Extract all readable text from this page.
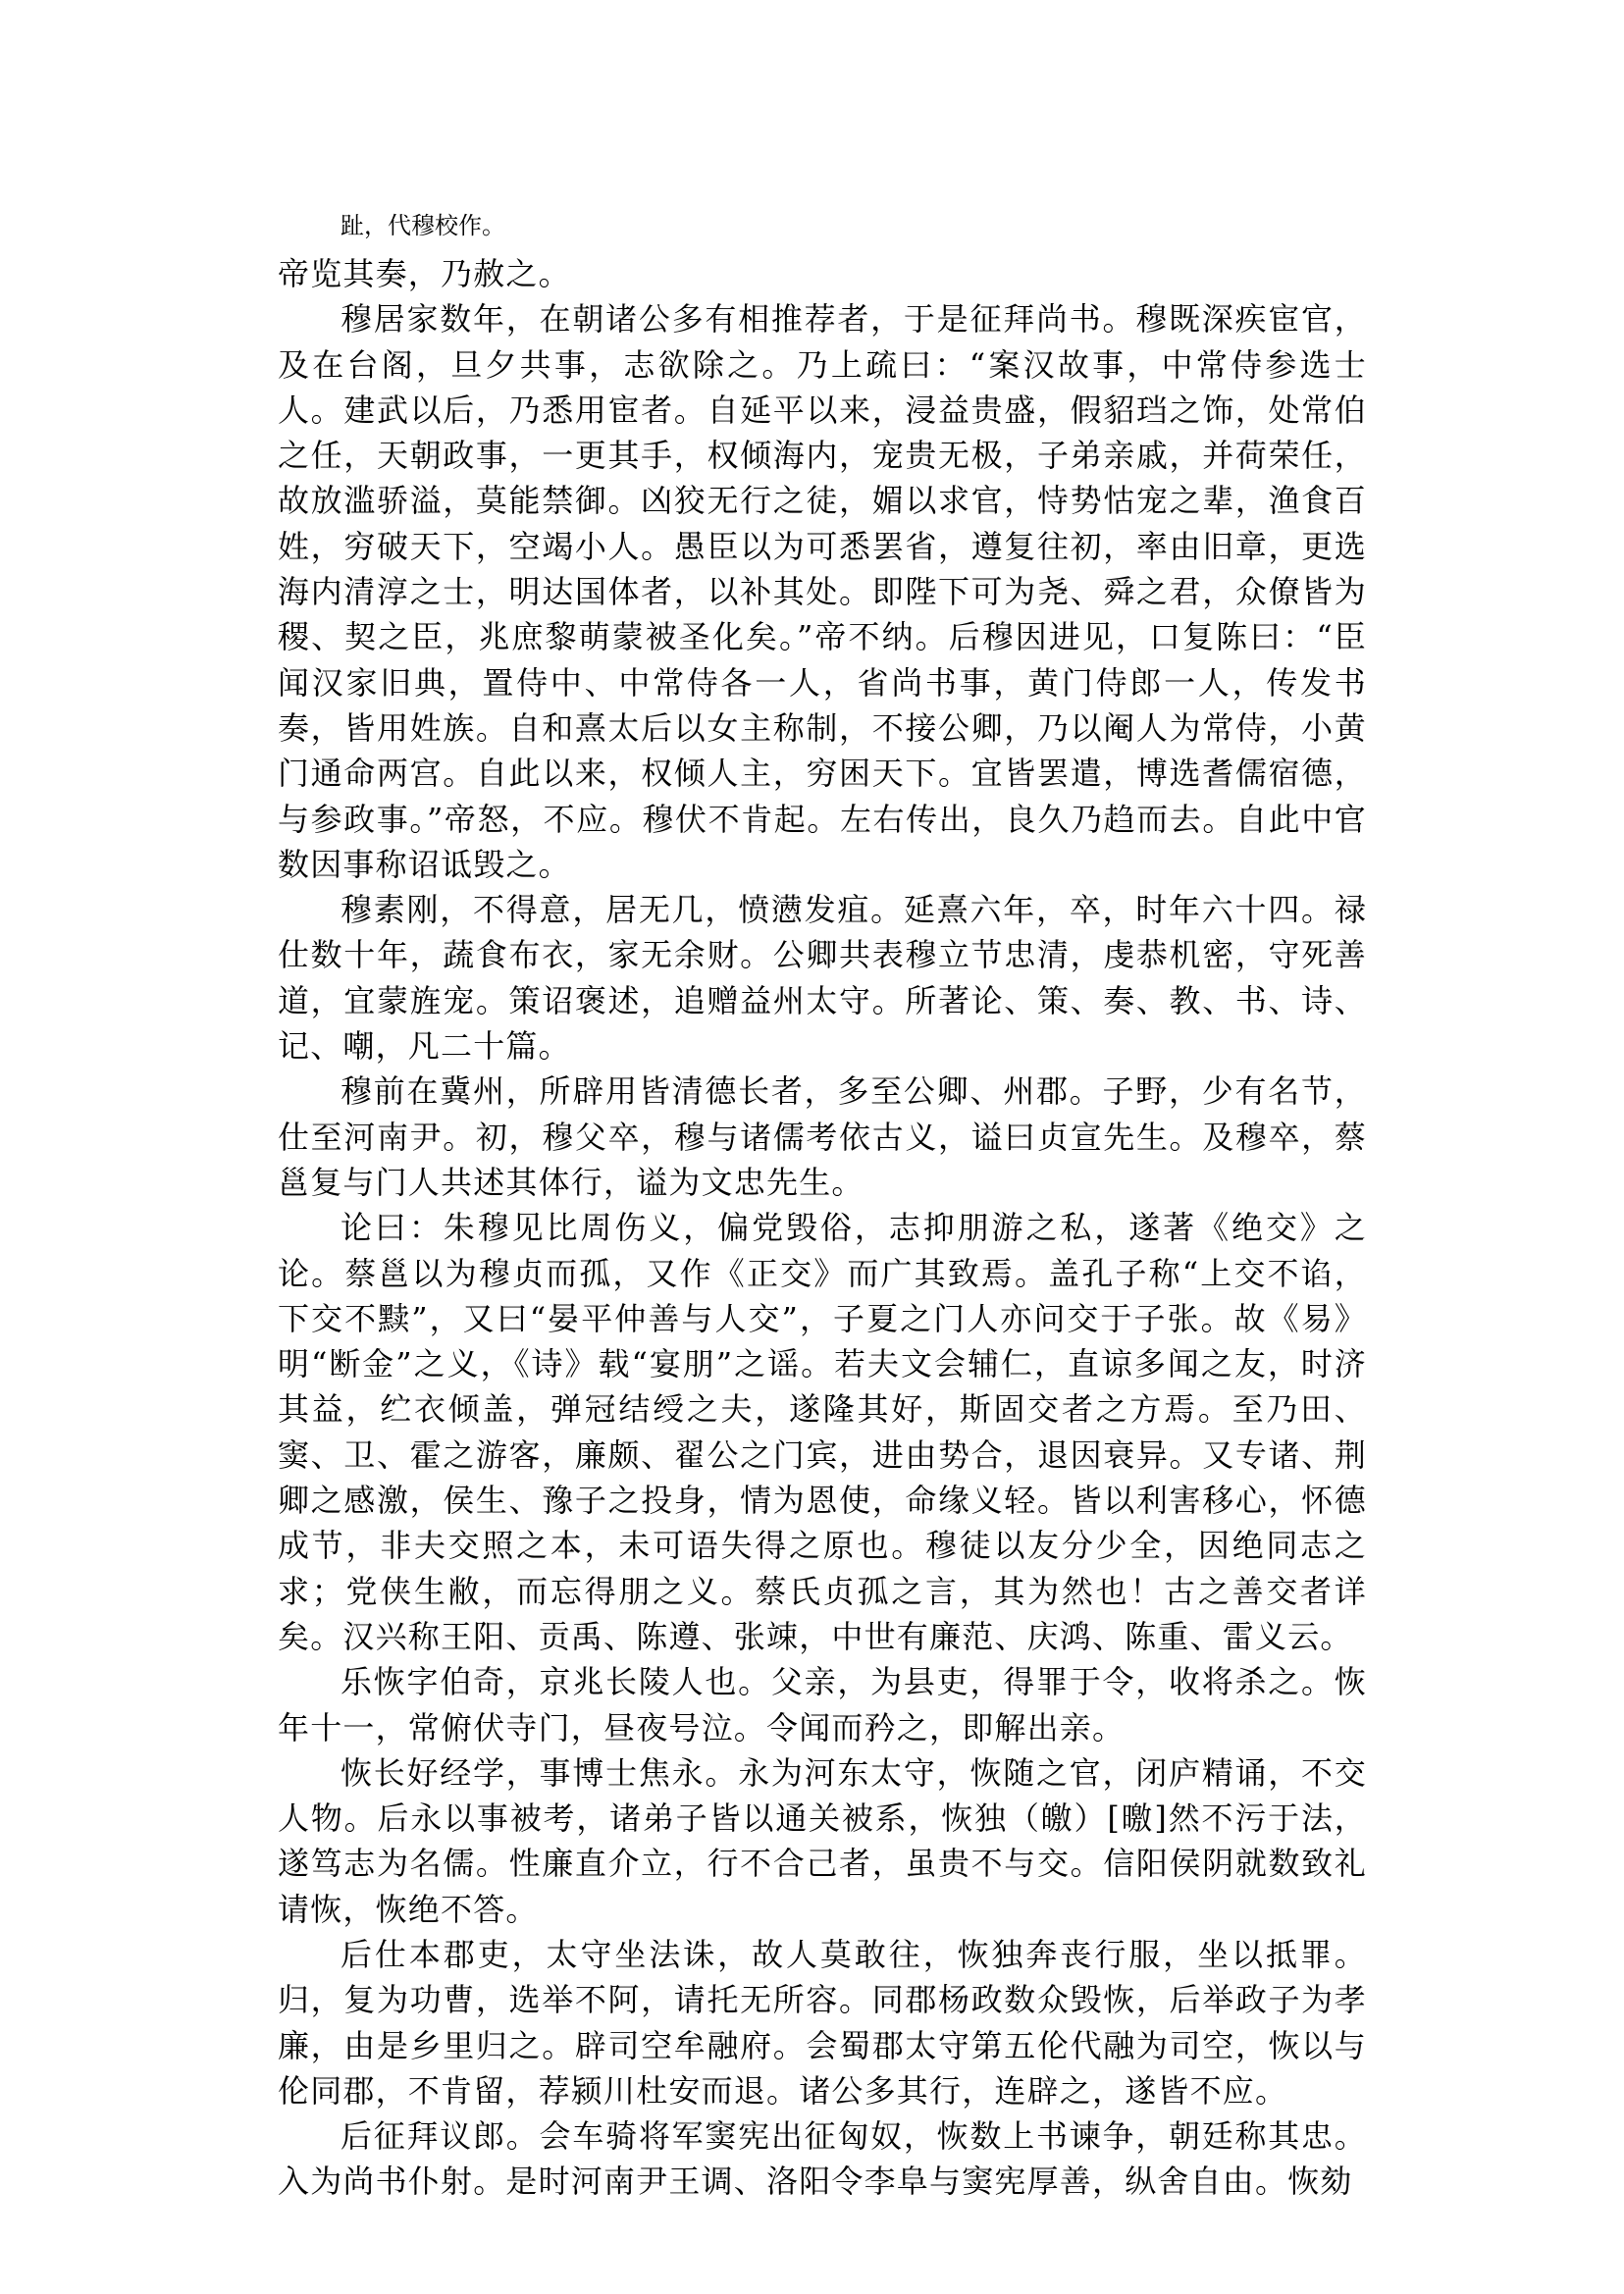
趾，代穆校作。

帝览其奏，乃赦之。

穆居家数年，在朝诸公多有相推荐者，于是征拜尚书。穆既深疾宦官，及在台阁，旦夕共事，志欲除之。乃上疏曰：“案汉故事，中常侍参选士人。建武以后，乃悉用宦者。自延平以来，浸益贵盛，假貂珰之饰，处常伯之任，天朝政事，一更其手，权倾海内，宠贵无极，子弟亲戚，并荷荣任，故放滥骄溢，莫能禁御。凶狡无行之徒，媚以求官，恃势怙宠之辈，渔食百姓，穷破天下，空竭小人。愚臣以为可悉罢省，遵复往初，率由旧章，更选海内清淳之士，明达国体者，以补其处。即陛下可为尧、舜之君，众僚皆为稷、契之臣，兆庶黎萌蒙被圣化矣。”帝不纳。后穆因进见，口复陈曰：“臣闻汉家旧典，置侍中、中常侍各一人，省尚书事，黄门侍郎一人，传发书奏，皆用姓族。自和熹太后以女主称制，不接公卿，乃以阉人为常侍，小黄门通命两宫。自此以来，权倾人主，穷困天下。宜皆罢遣，博选耆儒宿德，与参政事。”帝怒，不应。穆伏不肯起。左右传出，良久乃趋而去。自此中官数因事称诏诋毁之。

穆素刚，不得意，居无几，愤懑发疽。延熹六年，卒，时年六十四。禄仕数十年，蔬食布衣，家无余财。公卿共表穆立节忠清，虔恭机密，守死善道，宜蒙旌宠。策诏褒述，追赠益州太守。所著论、策、奏、教、书、诗、记、嘲，凡二十篇。

穆前在冀州，所辟用皆清德长者，多至公卿、州郡。子野，少有名节，仕至河南尹。初，穆父卒，穆与诸儒考依古义，谥曰贞宣先生。及穆卒，蔡邕复与门人共述其体行，谥为文忠先生。

论曰：朱穆见比周伤义，偏党毁俗，志抑朋游之私，遂著《绝交》之论。蔡邕以为穆贞而孤，又作《正交》而广其致焉。盖孔子称“上交不谄，下交不黩”，又曰“晏平仲善与人交”，子夏之门人亦问交于子张。故《易》明“断金”之义，《诗》载“宴朋”之谣。若夫文会辅仁，直谅多闻之友，时济其益，纻衣倾盖，弹冠结绶之夫，遂隆其好，斯固交者之方焉。至乃田、窦、卫、霍之游客，廉颇、翟公之门宾，进由势合，退因衰异。又专诸、荆卿之感激，侯生、豫子之投身，情为恩使，命缘义轻。皆以利害移心，怀德成节，非夫交照之本，未可语失得之原也。穆徒以友分少全，因绝同志之求；党侠生敝，而忘得朋之义。蔡氏贞孤之言，其为然也！古之善交者详矣。汉兴称王阳、贡禹、陈遵、张竦，中世有廉范、庆鸿、陈重、雷义云。

乐恢字伯奇，京兆长陵人也。父亲，为县吏，得罪于令，收将杀之。恢年十一，常俯伏寺门，昼夜号泣。令闻而矜之，即解出亲。

恢长好经学，事博士焦永。永为河东太守，恢随之官，闭庐精诵，不交人物。后永以事被考，诸弟子皆以通关被系，恢独（皦）[曒]然不污于法，遂笃志为名儒。性廉直介立，行不合己者，虽贵不与交。信阳侯阴就数致礼请恢，恢绝不答。

后仕本郡吏，太守坐法诛，故人莫敢往，恢独奔丧行服，坐以抵罪。归，复为功曹，选举不阿，请托无所容。同郡杨政数众毁恢，后举政子为孝廉，由是乡里归之。辟司空牟融府。会蜀郡太守第五伦代融为司空，恢以与伦同郡，不肯留，荐颍川杜安而退。诸公多其行，连辟之，遂皆不应。

后征拜议郎。会车骑将军窦宪出征匈奴，恢数上书谏争，朝廷称其忠。入为尚书仆射。是时河南尹王调、洛阳令李阜与窦宪厚善，纵舍自由。恢劾
